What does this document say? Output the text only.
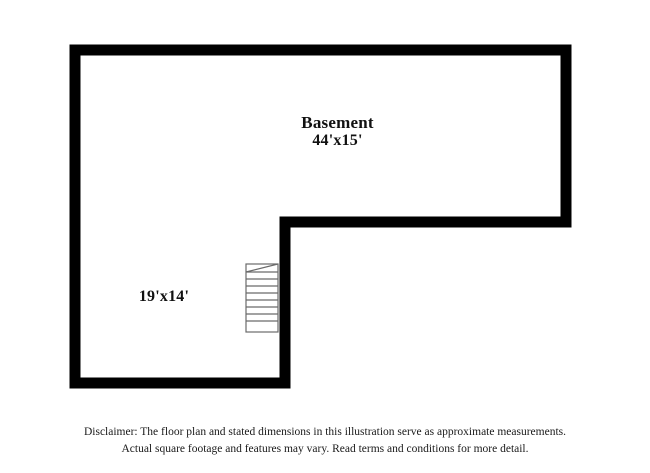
Basement
44'x15'
19'x14'
Disclaimer: The floor plan and stated dimensions in this illustration serve as approximate measurements.
Actual square footage and features may vary. Read terms and conditions for more detail.
